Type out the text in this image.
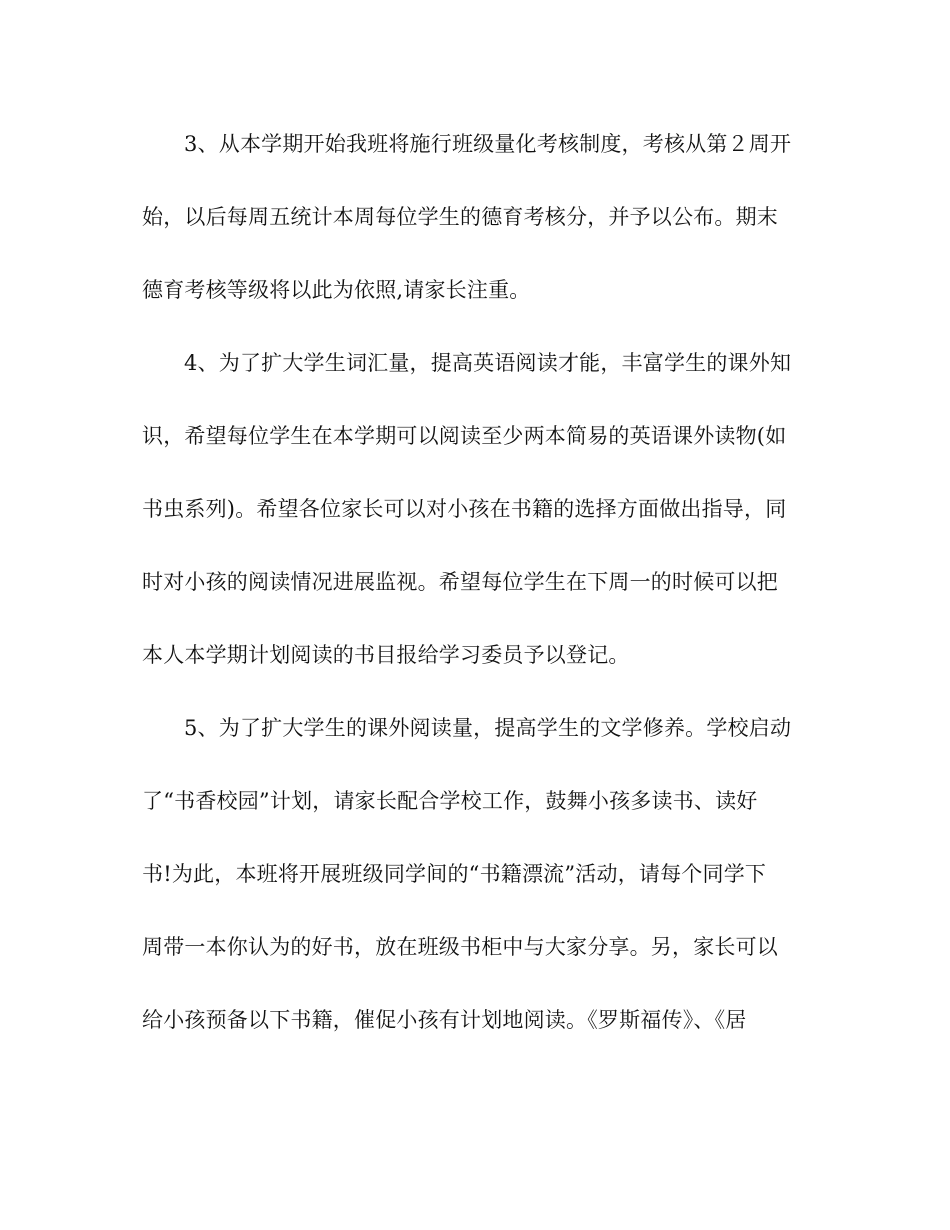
3、从本学期开始我班将施行班级量化考核制度，考核从第２周开

始，以后每周五统计本周每位学生的德育考核分，并予以公布。期末

德育考核等级将以此为依照,请家长注重。

4、为了扩大学生词汇量，提高英语阅读才能，丰富学生的课外知

识，希望每位学生在本学期可以阅读至少两本简易的英语课外读物(如

书虫系列)。希望各位家长可以对小孩在书籍的选择方面做出指导，同

时对小孩的阅读情况进展监视。希望每位学生在下周一的时候可以把

本人本学期计划阅读的书目报给学习委员予以登记。

5、为了扩大学生的课外阅读量，提高学生的文学修养。学校启动

了“书香校园”计划，请家长配合学校工作，鼓舞小孩多读书、读好

书!为此，本班将开展班级同学间的“书籍漂流”活动，请每个同学下

周带一本你认为的好书，放在班级书柜中与大家分享。另，家长可以

给小孩预备以下书籍，催促小孩有计划地阅读。《罗斯福传》、《居
